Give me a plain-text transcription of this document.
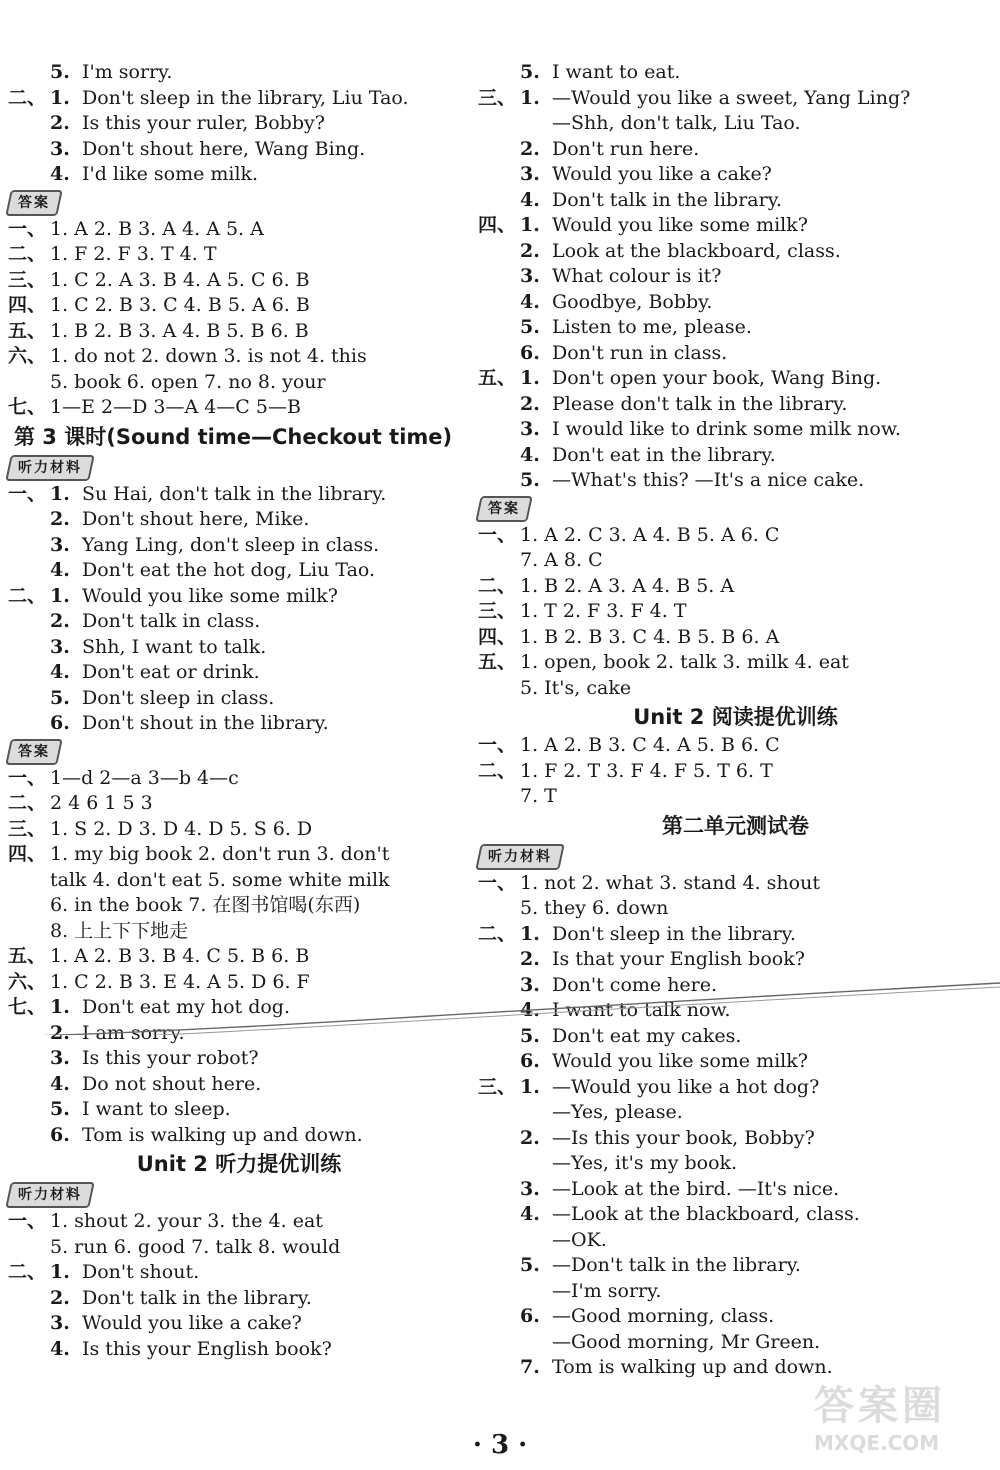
5. I'm sorry.
二、 1. Don't sleep in the library, Liu Tao.
2. Is this your ruler, Bobby?
3. Don't shout here, Wang Bing.
4. I'd like some milk.
答案
一、 1. A 2. B 3. A 4. A 5. A
二、 1. F 2. F 3. T 4. T
三、 1. C 2. A 3. B 4. A 5. C 6. B
四、 1. C 2. B 3. C 4. B 5. A 6. B
五、 1. B 2. B 3. A 4. B 5. B 6. B
六、 1. do not 2. down 3. is not 4. this
5. book 6. open 7. no 8. your
七、 1—E 2—D 3—A 4—C 5—B
第 3 课时(Sound time—Checkout time)
听力材料
一、 1. Su Hai, don't talk in the library.
2. Don't shout here, Mike.
3. Yang Ling, don't sleep in class.
4. Don't eat the hot dog, Liu Tao.
二、 1. Would you like some milk?
2. Don't talk in class.
3. Shh, I want to talk.
4. Don't eat or drink.
5. Don't sleep in class.
6. Don't shout in the library.
答案
一、 1—d 2—a 3—b 4—c
二、 2 4 6 1 5 3
三、 1. S 2. D 3. D 4. D 5. S 6. D
四、 1. my big book 2. don't run 3. don't
talk 4. don't eat 5. some white milk
6. in the book 7. 在图书馆喝(东西)
8. 上上下下地走
五、 1. A 2. B 3. B 4. C 5. B 6. B
六、 1. C 2. B 3. E 4. A 5. D 6. F
七、 1. Don't eat my hot dog.
2. I am sorry.
3. Is this your robot?
4. Do not shout here.
5. I want to sleep.
6. Tom is walking up and down.
Unit 2 听力提优训练
听力材料
一、 1. shout 2. your 3. the 4. eat
5. run 6. good 7. talk 8. would
二、 1. Don't shout.
2. Don't talk in the library.
3. Would you like a cake?
4. Is this your English book?
5. I want to eat.
三、 1. —Would you like a sweet, Yang Ling?
—Shh, don't talk, Liu Tao.
2. Don't run here.
3. Would you like a cake?
4. Don't talk in the library.
四、 1. Would you like some milk?
2. Look at the blackboard, class.
3. What colour is it?
4. Goodbye, Bobby.
5. Listen to me, please.
6. Don't run in class.
五、 1. Don't open your book, Wang Bing.
2. Please don't talk in the library.
3. I would like to drink some milk now.
4. Don't eat in the library.
5. —What's this? —It's a nice cake.
答案
一、 1. A 2. C 3. A 4. B 5. A 6. C
7. A 8. C
二、 1. B 2. A 3. A 4. B 5. A
三、 1. T 2. F 3. F 4. T
四、 1. B 2. B 3. C 4. B 5. B 6. A
五、 1. open, book 2. talk 3. milk 4. eat
5. It's, cake
Unit 2 阅读提优训练
一、 1. A 2. B 3. C 4. A 5. B 6. C
二、 1. F 2. T 3. F 4. F 5. T 6. T
7. T
第二单元测试卷
听力材料
一、 1. not 2. what 3. stand 4. shout
5. they 6. down
二、 1. Don't sleep in the library.
2. Is that your English book?
3. Don't come here.
4. I want to talk now.
5. Don't eat my cakes.
6. Would you like some milk?
三、 1. —Would you like a hot dog?
—Yes, please.
2. —Is this your book, Bobby?
—Yes, it's my book.
3. —Look at the bird. —It's nice.
4. —Look at the blackboard, class.
—OK.
5. —Don't talk in the library.
—I'm sorry.
6. —Good morning, class.
—Good morning, Mr Green.
7. Tom is walking up and down.
· 3 ·
答案圈
MXQE.COM
